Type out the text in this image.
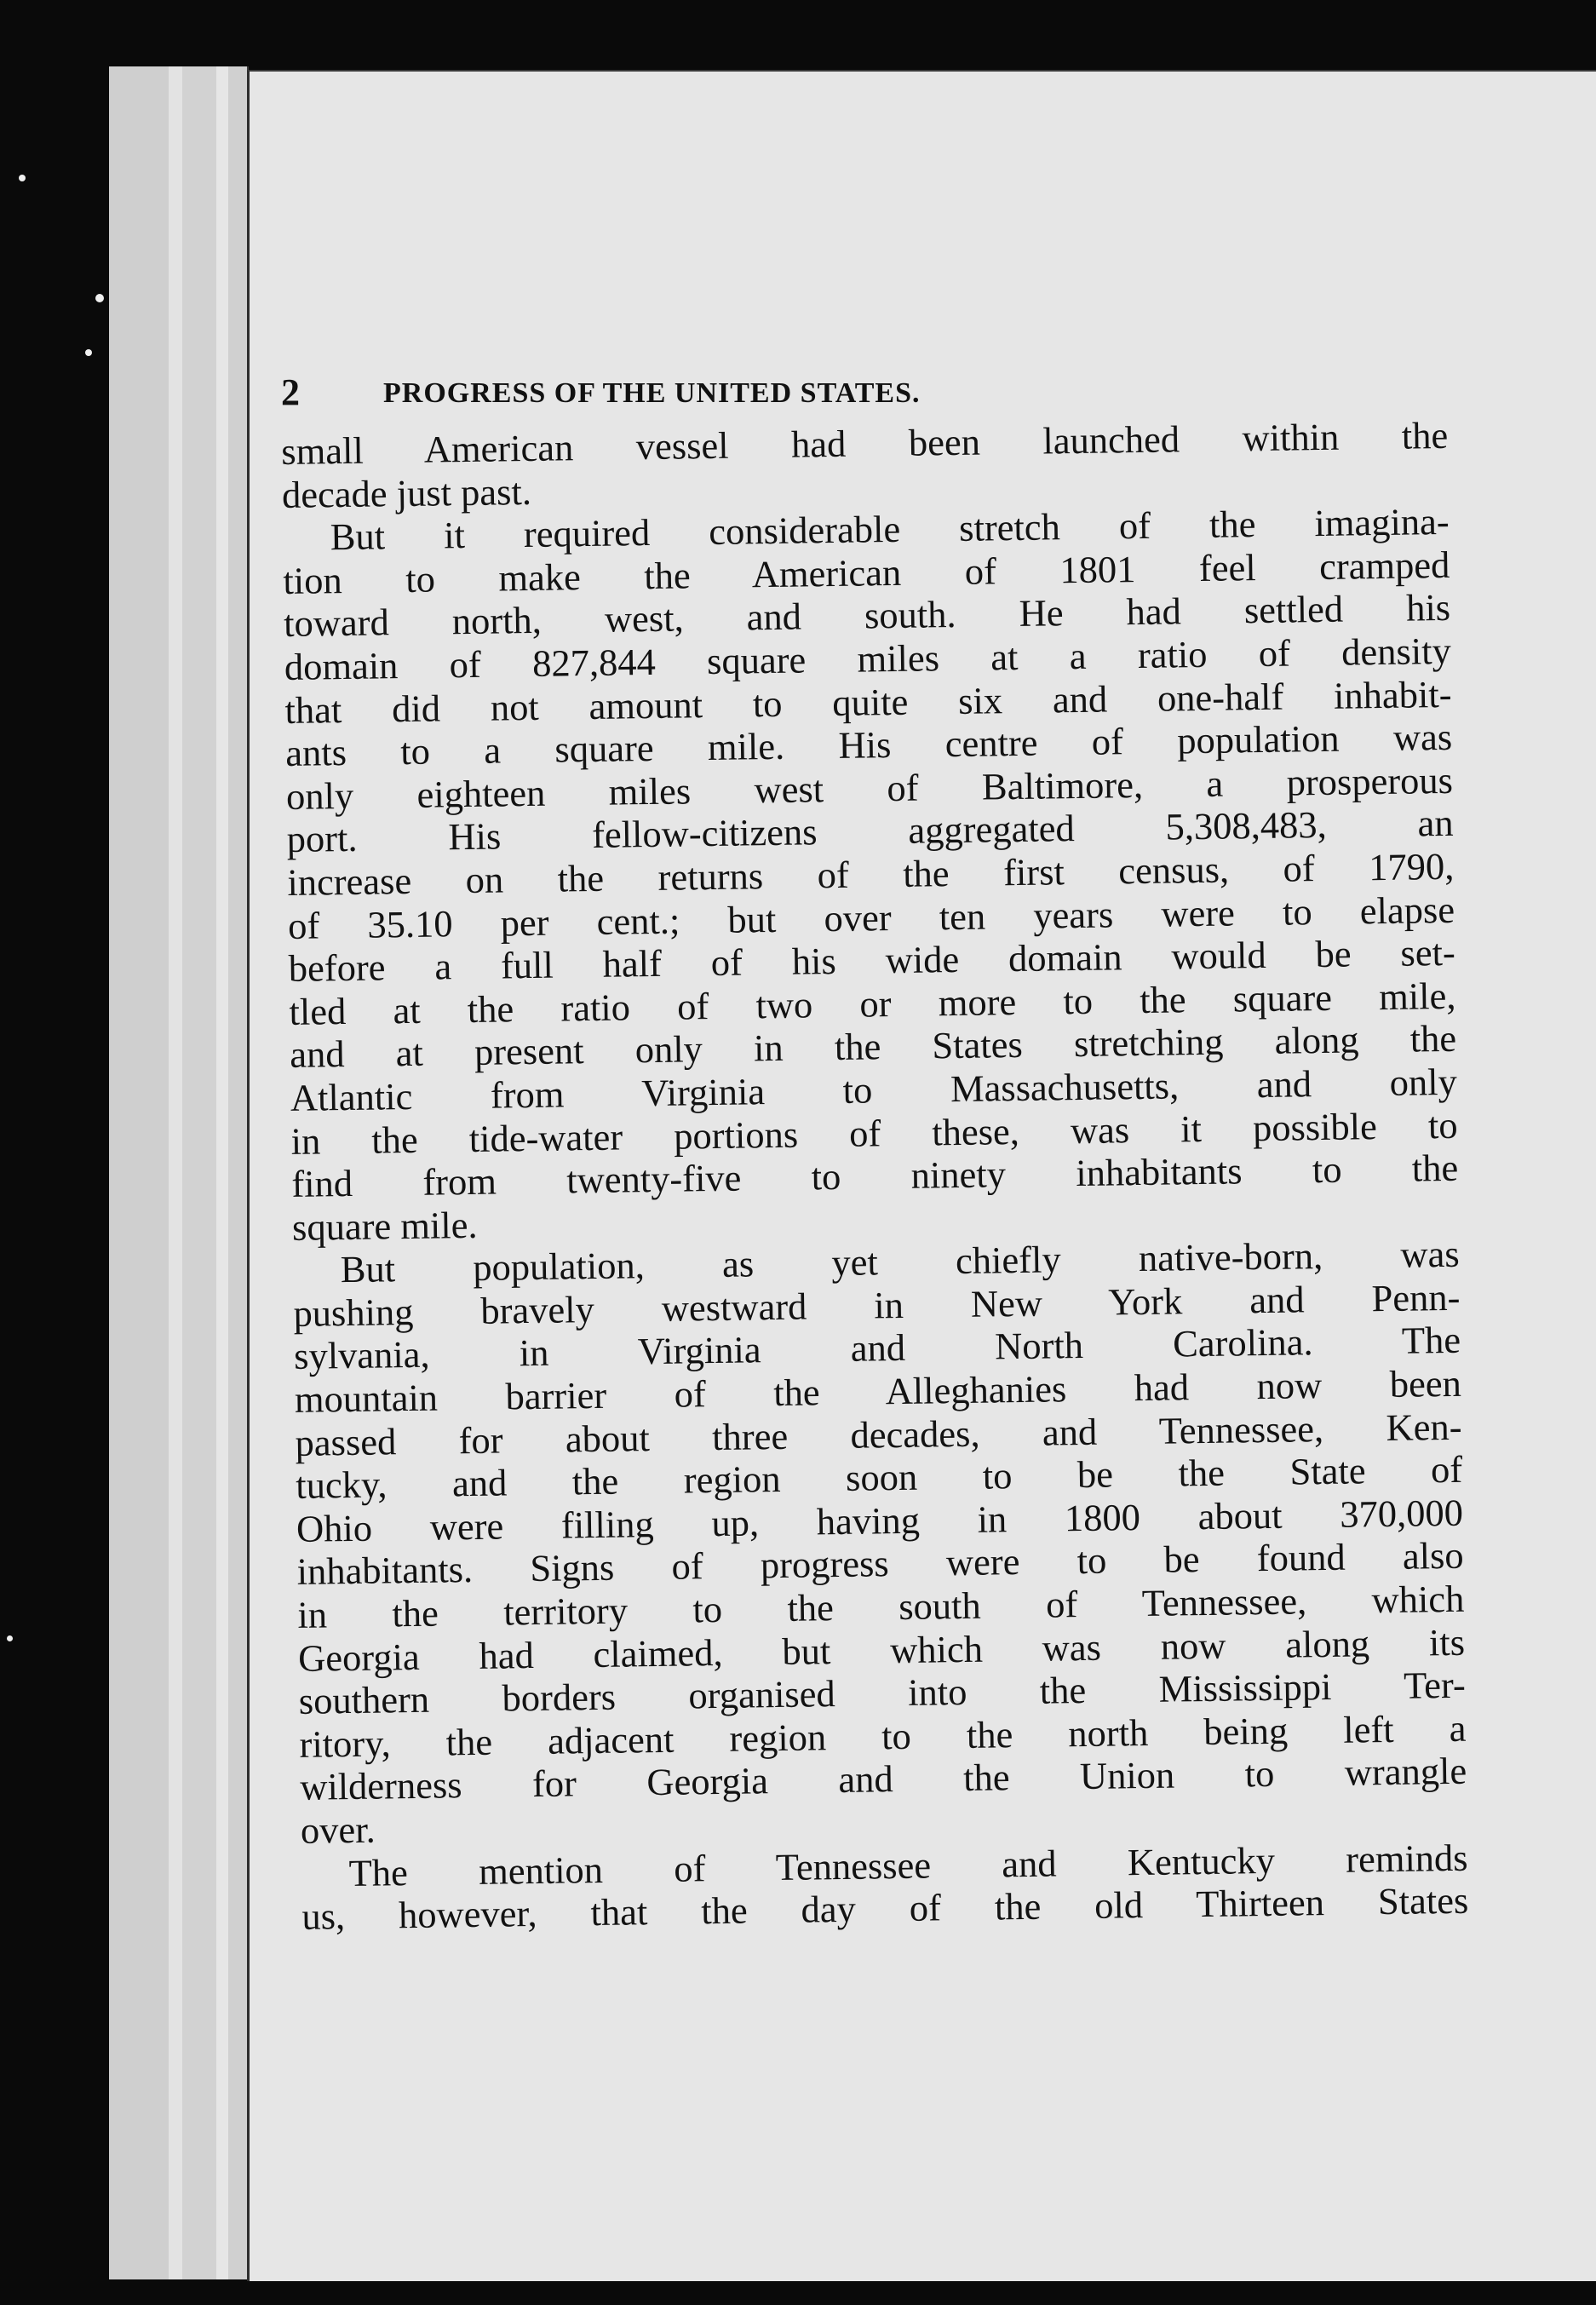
2	PROGRESS OF THE UNITED STATES.
small American vessel had been launched within the
decade just past.
But it required considerable stretch of the imagina-
tion to make the American of 1801 feel cramped
toward north, west, and south. He had settled his
domain of 827,844 square miles at a ratio of density
that did not amount to quite six and one-half inhabit-
ants to a square mile. His centre of population was
only eighteen miles west of Baltimore, a prosperous
port. His fellow-citizens aggregated 5,308,483, an
increase on the returns of the first census, of 1790,
of 35.10 per cent.; but over ten years were to elapse
before a full half of his wide domain would be set-
tled at the ratio of two or more to the square mile,
and at present only in the States stretching along the
Atlantic from Virginia to Massachusetts, and only
in the tide-water portions of these, was it possible to
find from twenty-five to ninety inhabitants to the
square mile.
But population, as yet chiefly native-born, was
pushing bravely westward in New York and Penn-
sylvania, in Virginia and North Carolina. The
mountain barrier of the Alleghanies had now been
passed for about three decades, and Tennessee, Ken-
tucky, and the region soon to be the State of
Ohio were filling up, having in 1800 about 370,000
inhabitants. Signs of progress were to be found also
in the territory to the south of Tennessee, which
Georgia had claimed, but which was now along its
southern borders organised into the Mississippi Ter-
ritory, the adjacent region to the north being left a
wilderness for Georgia and the Union to wrangle
over.
The mention of Tennessee and Kentucky reminds
us, however, that the day of the old Thirteen States
